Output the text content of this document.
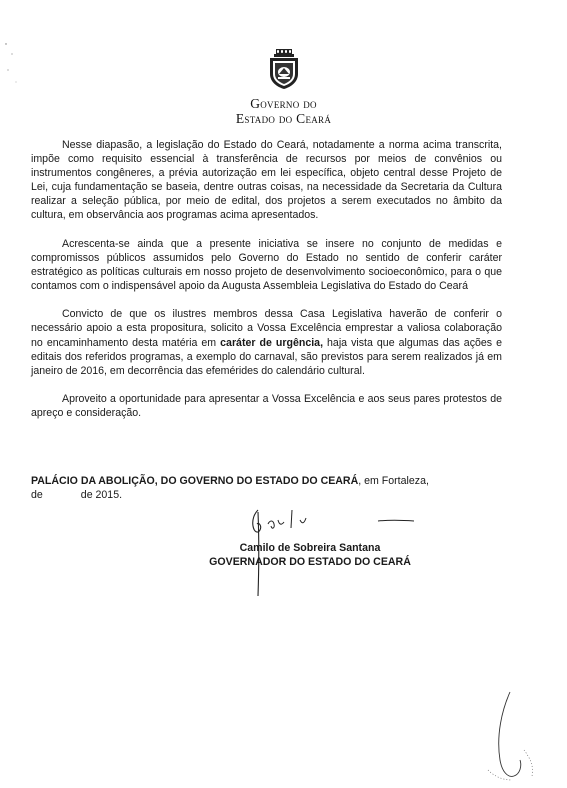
Governo do
Estado do Ceará

Nesse diapasão, a legislação do Estado do Ceará, notadamente a norma acima transcrita, impõe como requisito essencial à transferência de recursos por meios de convênios ou instrumentos congêneres, a prévia autorização em lei específica, objeto central desse Projeto de Lei, cuja fundamentação se baseia, dentre outras coisas, na necessidade da Secretaria da Cultura realizar a seleção pública, por meio de edital, dos projetos a serem executados no âmbito da cultura, em observância aos programas acima apresentados.

Acrescenta-se ainda que a presente iniciativa se insere no conjunto de medidas e compromissos públicos assumidos pelo Governo do Estado no sentido de conferir caráter estratégico as políticas culturais em nosso projeto de desenvolvimento socioeconômico, para o que contamos com o indispensável apoio da Augusta Assembleia Legislativa do Estado do Ceará

Convicto de que os ilustres membros dessa Casa Legislativa haverão de conferir o necessário apoio a esta propositura, solicito a Vossa Excelência emprestar a valiosa colaboração no encaminhamento desta matéria em caráter de urgência, haja vista que algumas das ações e editais dos referidos programas, a exemplo do carnaval, são previstos para serem realizados já em janeiro de 2016, em decorrência das efemérides do calendário cultural.

Aproveito a oportunidade para apresentar a Vossa Excelência e aos seus pares protestos de apreço e consideração.

PALÁCIO DA ABOLIÇÃO, DO GOVERNO DO ESTADO DO CEARÁ, em Fortaleza,
de	de 2015.
Camilo de Sobreira Santana
GOVERNADOR DO ESTADO DO CEARÁ
